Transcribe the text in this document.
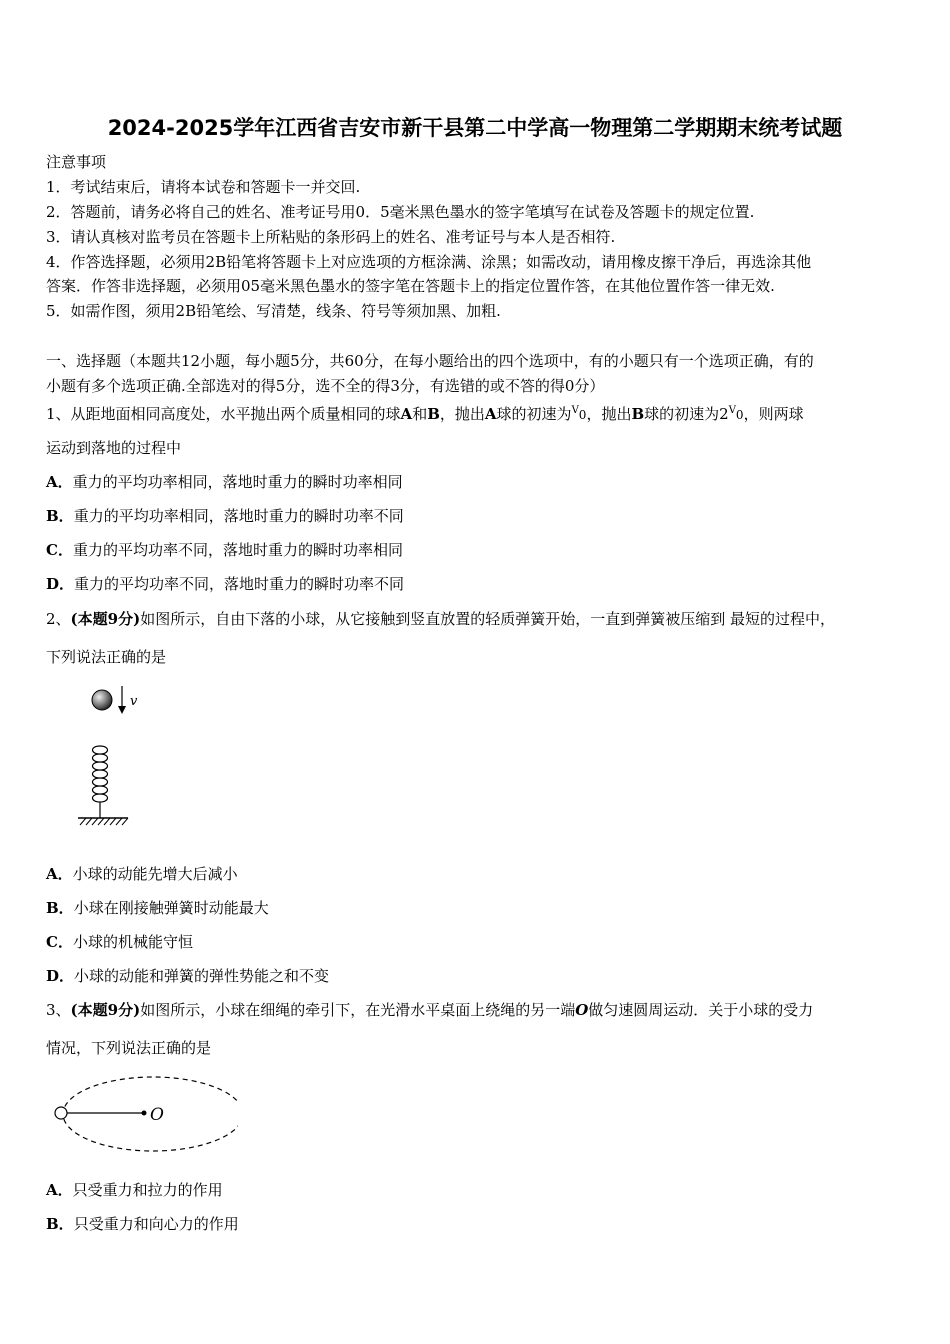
2024-2025学年江西省吉安市新干县第二中学高一物理第二学期期末统考试题
注意事项
1．考试结束后，请将本试卷和答题卡一并交回.
2．答题前，请务必将自己的姓名、准考证号用0．5毫米黑色墨水的签字笔填写在试卷及答题卡的规定位置.
3．请认真核对监考员在答题卡上所粘贴的条形码上的姓名、准考证号与本人是否相符.
4．作答选择题，必须用2B铅笔将答题卡上对应选项的方框涂满、涂黑；如需改动，请用橡皮擦干净后，再选涂其他
答案．作答非选择题，必须用05毫米黑色墨水的签字笔在答题卡上的指定位置作答，在其他位置作答一律无效.
5．如需作图，须用2B铅笔绘、写清楚，线条、符号等须加黑、加粗.
一、选择题（本题共12小题，每小题5分，共60分，在每小题给出的四个选项中，有的小题只有一个选项正确，有的
小题有多个选项正确.全部选对的得5分，选不全的得3分，有选错的或不答的得0分）
1、从距地面相同高度处，水平抛出两个质量相同的球A和B，抛出A球的初速为$^V$0，抛出B球的初速为$2^V0$，则两球
运动到落地的过程中
A．重力的平均功率相同，落地时重力的瞬时功率相同
B．重力的平均功率相同，落地时重力的瞬时功率不同
C．重力的平均功率不同，落地时重力的瞬时功率相同
D．重力的平均功率不同，落地时重力的瞬时功率不同
2、(本题9分)如图所示，自由下落的小球，从它接触到竖直放置的轻质弹簧开始，一直到弹簧被压缩到 最短的过程中，
下列说法正确的是
v
A．小球的动能先增大后减小
B．小球在刚接触弹簧时动能最大
C．小球的机械能守恒
D．小球的动能和弹簧的弹性势能之和不变
3、(本题9分)如图所示，小球在细绳的牵引下，在光滑水平桌面上绕绳的另一端O做匀速圆周运动．关于小球的受力
情况，下列说法正确的是
O
A．只受重力和拉力的作用
B．只受重力和向心力的作用
